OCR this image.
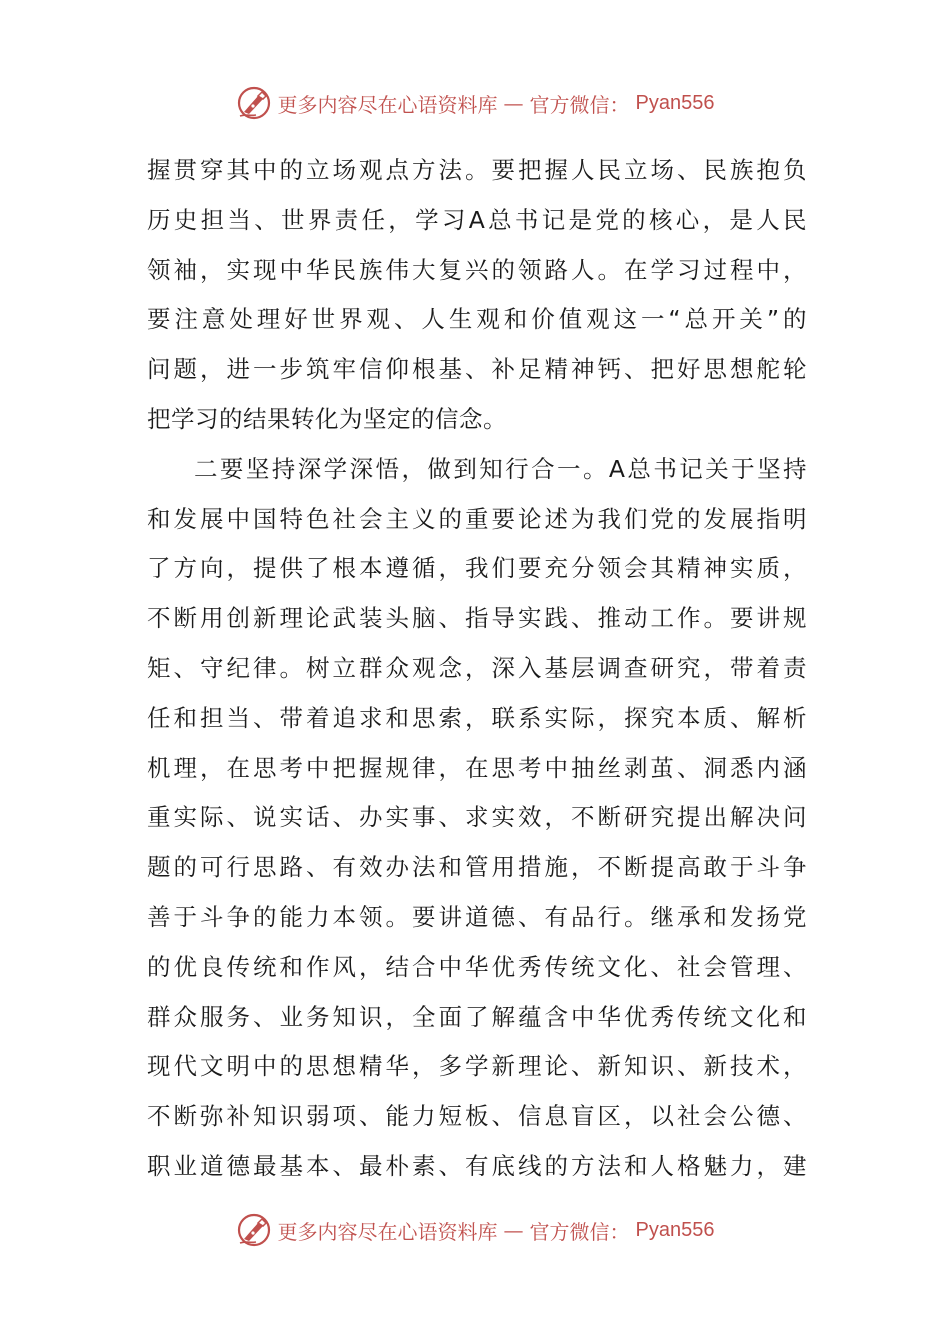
更多内容尽在心语资料库 — 官方微信： Pyan556
握贯穿其中的立场观点方法。要把握人民立场、民族抱负
历史担当、世界责任，学习A总书记是党的核心，是人民
领袖，实现中华民族伟大复兴的领路人。在学习过程中，
要注意处理好世界观、人生观和价值观这一“总开关”的
问题，进一步筑牢信仰根基、补足精神钙、把好思想舵轮
把学习的结果转化为坚定的信念。
二要坚持深学深悟，做到知行合一。A总书记关于坚持
和发展中国特色社会主义的重要论述为我们党的发展指明
了方向，提供了根本遵循，我们要充分领会其精神实质，
不断用创新理论武装头脑、指导实践、推动工作。要讲规
矩、守纪律。树立群众观念，深入基层调查研究，带着责
任和担当、带着追求和思索，联系实际，探究本质、解析
机理，在思考中把握规律，在思考中抽丝剥茧、洞悉内涵
重实际、说实话、办实事、求实效，不断研究提出解决问
题的可行思路、有效办法和管用措施，不断提高敢于斗争
善于斗争的能力本领。要讲道德、有品行。继承和发扬党
的优良传统和作风，结合中华优秀传统文化、社会管理、
群众服务、业务知识，全面了解蕴含中华优秀传统文化和
现代文明中的思想精华，多学新理论、新知识、新技术，
不断弥补知识弱项、能力短板、信息盲区，以社会公德、
职业道德最基本、最朴素、有底线的方法和人格魅力，建
更多内容尽在心语资料库 — 官方微信： Pyan556
